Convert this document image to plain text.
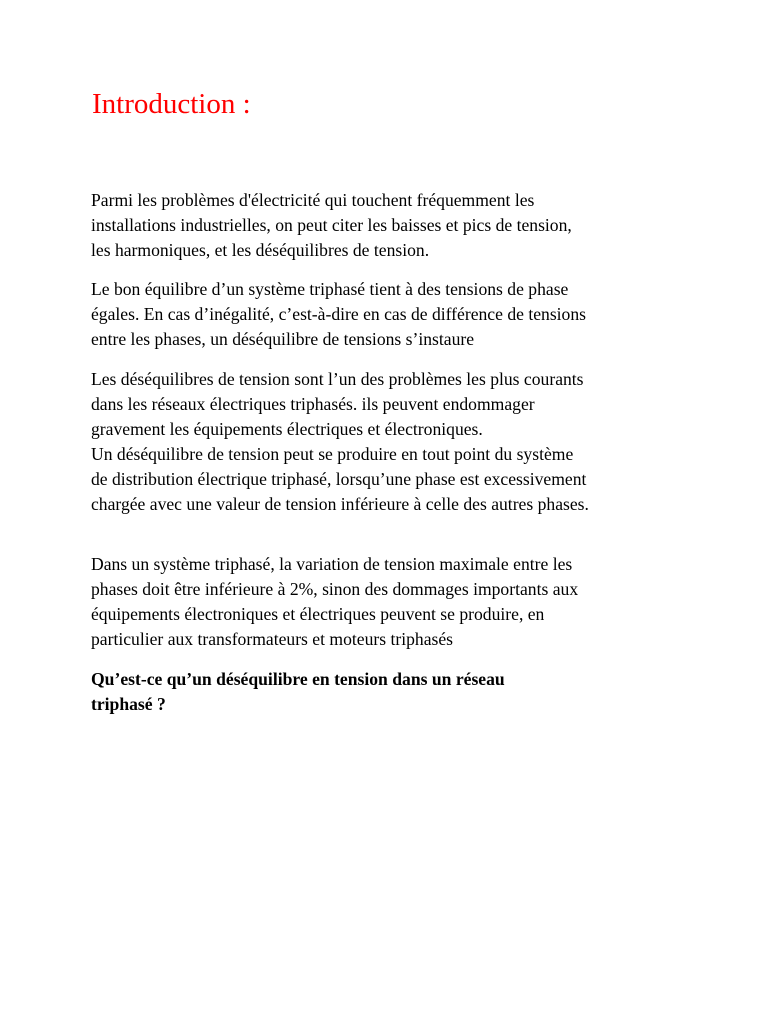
Introduction :

Parmi les problèmes d'électricité qui touchent fréquemment les
installations industrielles, on peut citer les baisses et pics de tension,
les harmoniques, et les déséquilibres de tension.

Le bon équilibre d’un système triphasé tient à des tensions de phase
égales. En cas d’inégalité, c’est-à-dire en cas de différence de tensions
entre les phases, un déséquilibre de tensions s’instaure

Les déséquilibres de tension sont l’un des problèmes les plus courants
dans les réseaux électriques triphasés. ils peuvent endommager
gravement les équipements électriques et électroniques.
Un déséquilibre de tension peut se produire en tout point du système
de distribution électrique triphasé, lorsqu’une phase est excessivement
chargée avec une valeur de tension inférieure à celle des autres phases.

Dans un système triphasé, la variation de tension maximale entre les
phases doit être inférieure à 2%, sinon des dommages importants aux
équipements électroniques et électriques peuvent se produire, en
particulier aux transformateurs et moteurs triphasés

Qu’est-ce qu’un déséquilibre en tension dans un réseau
triphasé ?
